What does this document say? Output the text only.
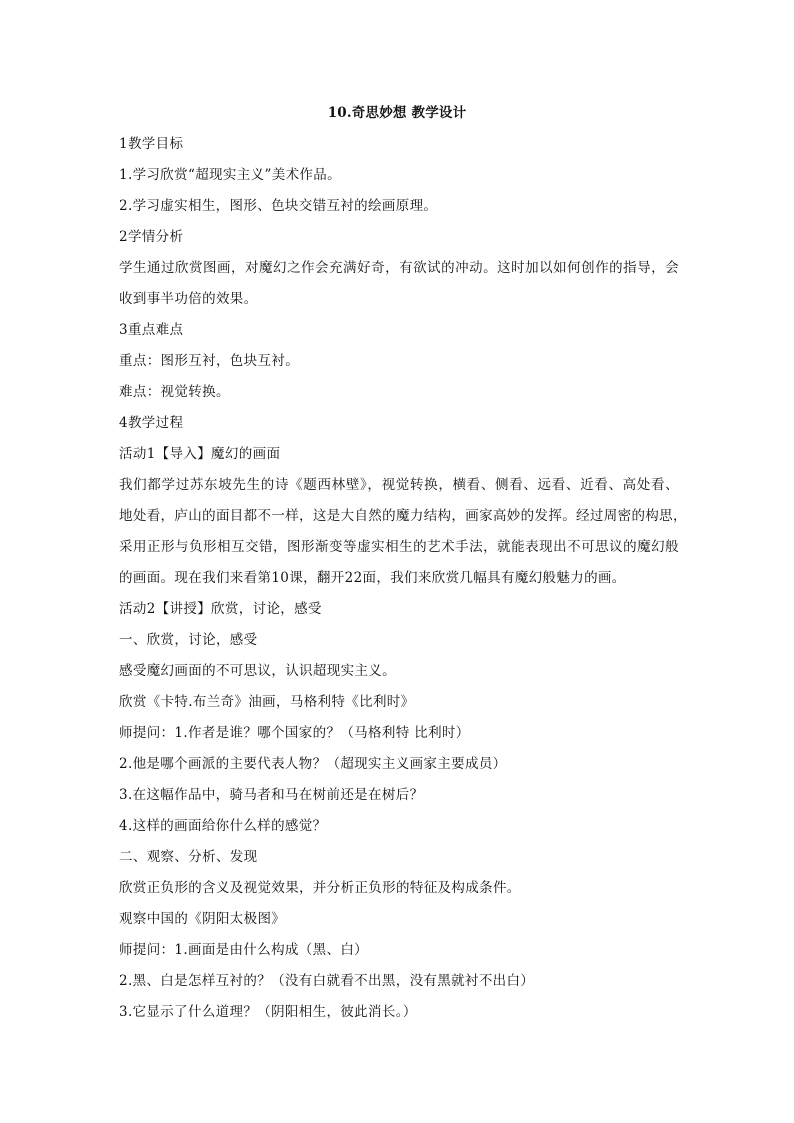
10.奇思妙想 教学设计
1教学目标
1.学习欣赏“超现实主义”美术作品。
2.学习虚实相生，图形、色块交错互衬的绘画原理。
2学情分析
学生通过欣赏图画，对魔幻之作会充满好奇，有欲试的冲动。这时加以如何创作的指导，会
收到事半功倍的效果。
3重点难点
重点：图形互衬，色块互衬。
难点：视觉转换。
4教学过程
活动1【导入】魔幻的画面
我们都学过苏东坡先生的诗《题西林壁》，视觉转换，横看、侧看、远看、近看、高处看、
地处看，庐山的面目都不一样，这是大自然的魔力结构，画家高妙的发挥。经过周密的构思，
采用正形与负形相互交错，图形渐变等虚实相生的艺术手法，就能表现出不可思议的魔幻般
的画面。现在我们来看第10课，翻开22面，我们来欣赏几幅具有魔幻般魅力的画。
活动2【讲授】欣赏，讨论，感受
一、欣赏，讨论，感受
感受魔幻画面的不可思议，认识超现实主义。
欣赏《卡特.布兰奇》油画，马格利特《比利时》
师提问：1.作者是谁？哪个国家的？（马格利特 比利时）
2.他是哪个画派的主要代表人物？（超现实主义画家主要成员）
3.在这幅作品中，骑马者和马在树前还是在树后？
4.这样的画面给你什么样的感觉？
二、观察、分析、发现
欣赏正负形的含义及视觉效果，并分析正负形的特征及构成条件。
观察中国的《阴阳太极图》
师提问：1.画面是由什么构成（黑、白）
2.黑、白是怎样互衬的？（没有白就看不出黑，没有黑就衬不出白）
3.它显示了什么道理？（阴阳相生，彼此消长。）
